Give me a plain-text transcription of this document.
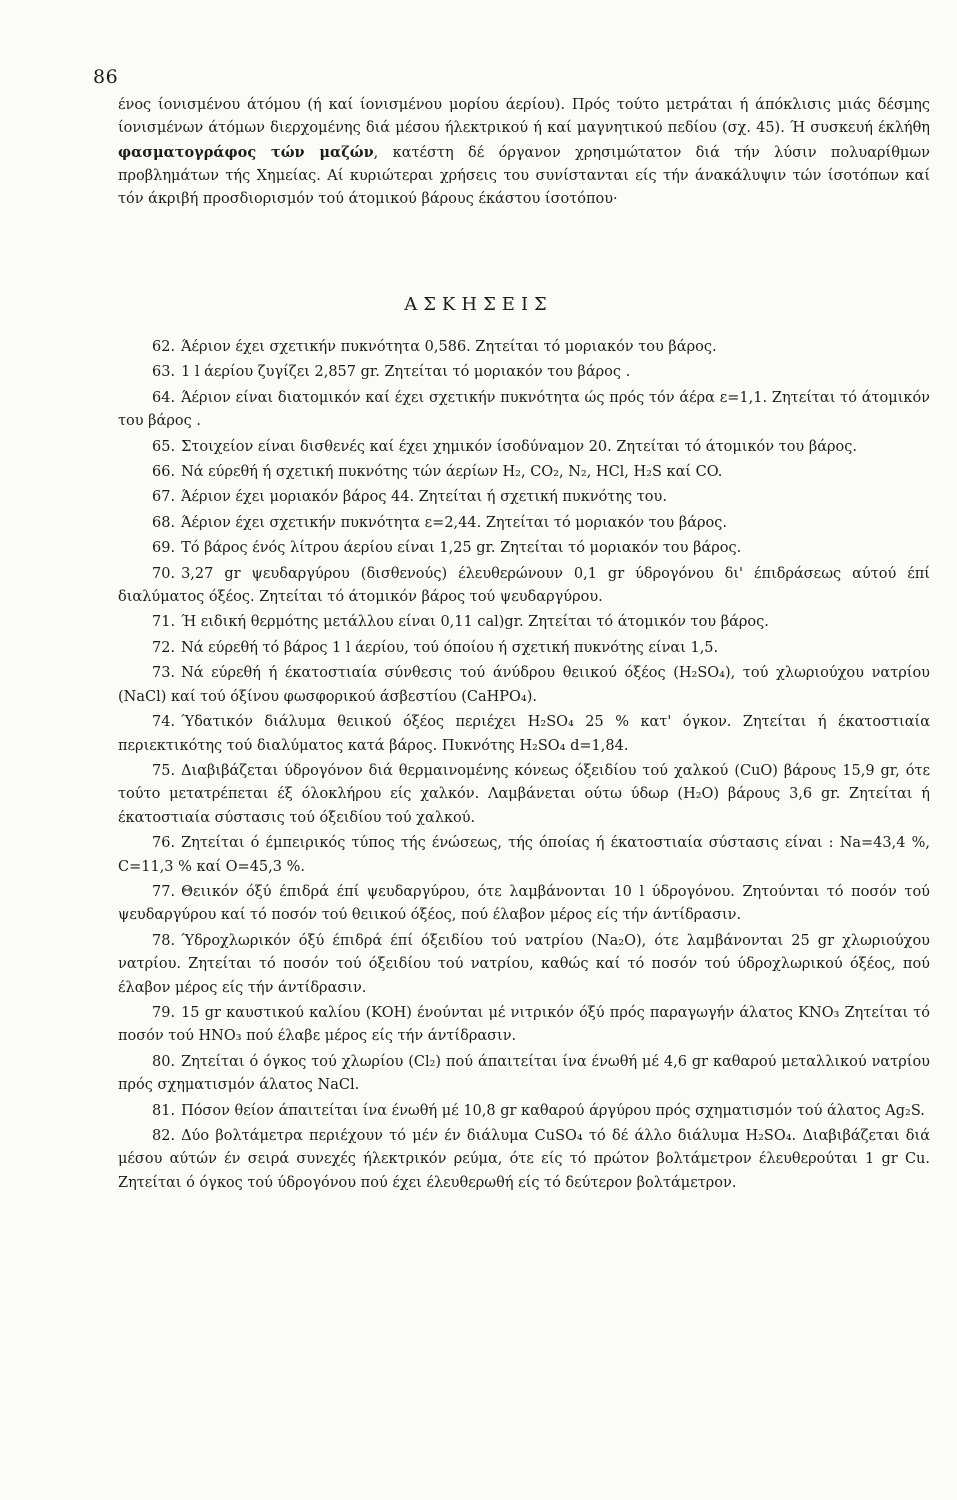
86
ένος ίονισμένου άτόμου (ή καί ίονισμένου μορίου άερίου). Πρός τούτο μετράται ή άπόκλισις μιάς δέσμης ίονισμένων άτόμων διερχομένης διά μέσου ήλεκτρικού ή καί μαγνητικού πεδίου (σχ. 45). Ή συσκευή έκλήθη φασματογράφος τών μαζών, κατέστη δέ όργανον χρησιμώτατον διά τήν λύσιν πολυαρίθμων προβλημάτων τής Χημείας. Αί κυριώτεραι χρήσεις του συνίστανται είς τήν άνακάλυψιν τών ίσοτόπων καί τόν άκριβή προσδιορισμόν τού άτομικού βάρους έκάστου ίσοτόπου·
ΑΣΚΗΣΕΙΣ

62. Άέριον έχει σχετικήν πυκνότητα 0,586. Ζητείται τό μοριακόν του βάρος.

63. 1 l άερίου ζυγίζει 2,857 gr. Ζητείται τό μοριακόν του βάρος .

64. Άέριον είναι διατομικόν καί έχει σχετικήν πυκνότητα ώς πρός τόν άέρα ε=1,1. Ζητείται τό άτομικόν του βάρος .

65. Στοιχείον είναι δισθενές καί έχει χημικόν ίσοδύναμον 20. Ζητείται τό άτομικόν του βάρος.

66. Νά εύρεθή ή σχετική πυκνότης τών άερίων H₂, CO₂, N₂, HCl, H₂S καί CO.

67. Άέριον έχει μοριακόν βάρος 44. Ζητείται ή σχετική πυκνότης του.

68. Άέριον έχει σχετικήν πυκνότητα ε=2,44. Ζητείται τό μοριακόν του βάρος.

69. Τό βάρος ένός λίτρου άερίου είναι 1,25 gr. Ζητείται τό μοριακόν του βάρος.

70. 3,27 gr ψευδαργύρου (δισθενούς) έλευθερώνουν 0,1 gr ύδρογόνου δι' έπιδράσεως αύτού έπί διαλύματος όξέος. Ζητείται τό άτομικόν βάρος τού ψευδαργύρου.

71. Ή ειδική θερμότης μετάλλου είναι 0,11 cal)gr. Ζητείται τό άτομικόν του βάρος.

72. Νά εύρεθή τό βάρος 1 l άερίου, τού όποίου ή σχετική πυκνότης είναι 1,5.

73. Νά εύρεθή ή έκατοστιαία σύνθεσις τού άνύδρου θειικού όξέος (H₂SO₄), τού χλωριούχου νατρίου (NaCl) καί τού όξίνου φωσφορικού άσβεστίου (CaHPO₄).

74. Ύδατικόν διάλυμα θειικού όξέος περιέχει H₂SO₄ 25 % κατ' όγκον. Ζητείται ή έκατοστιαία περιεκτικότης τού διαλύματος κατά βάρος. Πυκνότης H₂SO₄ d=1,84.

75. Διαβιβάζεται ύδρογόνον διά θερμαινομένης κόνεως όξειδίου τού χαλκού (CuO) βάρους 15,9 gr, ότε τούτο μετατρέπεται έξ όλοκλήρου είς χαλκόν. Λαμβάνεται ούτω ύδωρ (H₂O) βάρους 3,6 gr. Ζητείται ή έκατοστιαία σύστασις τού όξειδίου τού χαλκού.

76. Ζητείται ό έμπειρικός τύπος τής ένώσεως, τής όποίας ή έκατοστιαία σύστασις είναι : Na=43,4 %, C=11,3 % καί O=45,3 %.

77. Θειικόν όξύ έπιδρά έπί ψευδαργύρου, ότε λαμβάνονται 10 l ύδρογόνου. Ζητούνται τό ποσόν τού ψευδαργύρου καί τό ποσόν τού θειικού όξέος, πού έλαβον μέρος είς τήν άντίδρασιν.

78. Ύδροχλωρικόν όξύ έπιδρά έπί όξειδίου τού νατρίου (Na₂O), ότε λαμβάνονται 25 gr χλωριούχου νατρίου. Ζητείται τό ποσόν τού όξειδίου τού νατρίου, καθώς καί τό ποσόν τού ύδροχλωρικού όξέος, πού έλαβον μέρος είς τήν άντίδρασιν.

79. 15 gr καυστικού καλίου (KOH) ένούνται μέ νιτρικόν όξύ πρός παραγωγήν άλατος KNO₃ Ζητείται τό ποσόν τού HNO₃ πού έλαβε μέρος είς τήν άντίδρασιν.

80. Ζητείται ό όγκος τού χλωρίου (Cl₂) πού άπαιτείται ίνα ένωθή μέ 4,6 gr καθαρού μεταλλικού νατρίου πρός σχηματισμόν άλατος NaCl.

81. Πόσον θείον άπαιτείται ίνα ένωθή μέ 10,8 gr καθαρού άργύρου πρός σχηματισμόν τού άλατος Ag₂S.

82. Δύο βολτάμετρα περιέχουν τό μέν έν διάλυμα CuSO₄ τό δέ άλλο διάλυμα H₂SO₄. Διαβιβάζεται διά μέσου αύτών έν σειρά συνεχές ήλεκτρικόν ρεύμα, ότε είς τό πρώτον βολτάμετρον έλευθερούται 1 gr Cu. Ζητείται ό όγκος τού ύδρογόνου πού έχει έλευθερωθή είς τό δεύτερον βολτάμετρον.
